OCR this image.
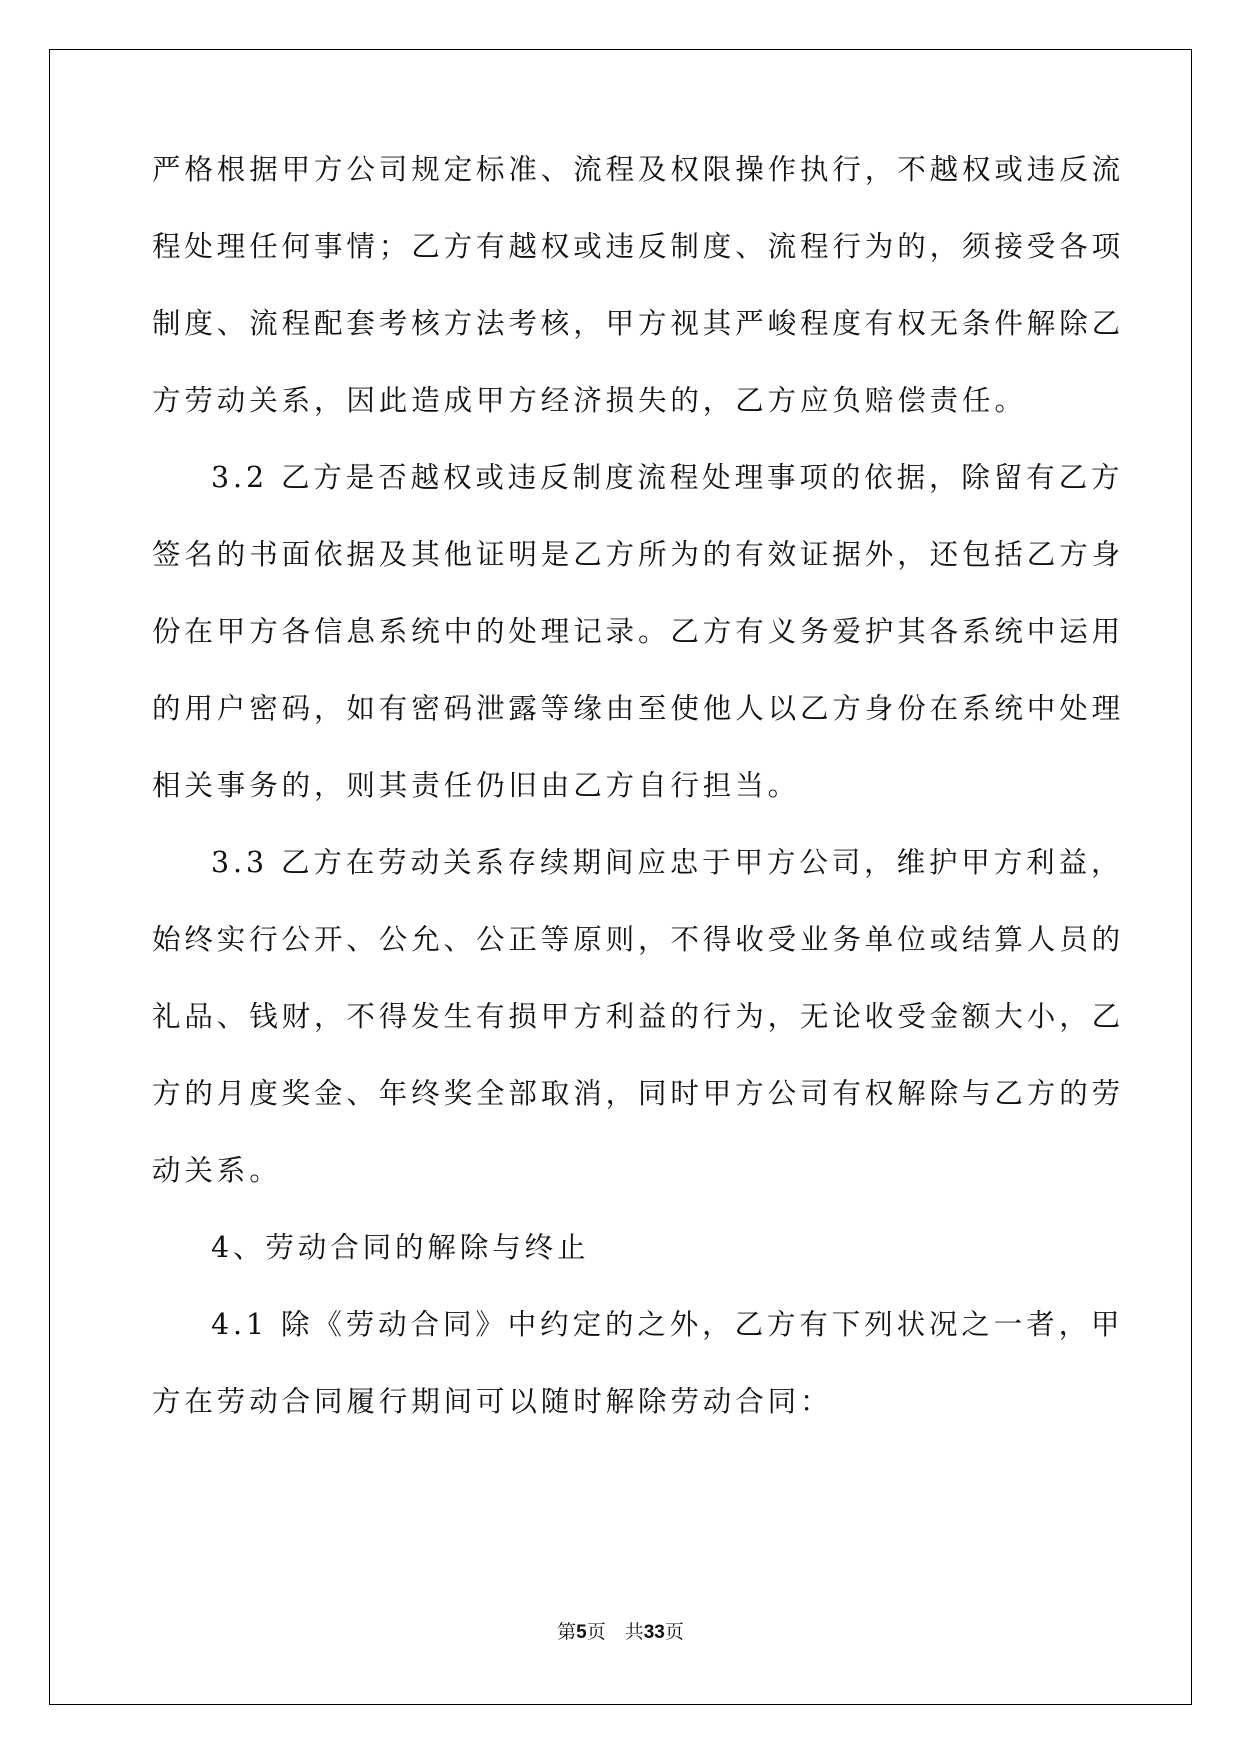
严格根据甲方公司规定标准、流程及权限操作执行，不越权或违反流
程处理任何事情；乙方有越权或违反制度、流程行为的，须接受各项
制度、流程配套考核方法考核，甲方视其严峻程度有权无条件解除乙
方劳动关系，因此造成甲方经济损失的，乙方应负赔偿责任。
3.2 乙方是否越权或违反制度流程处理事项的依据，除留有乙方
签名的书面依据及其他证明是乙方所为的有效证据外，还包括乙方身
份在甲方各信息系统中的处理记录。乙方有义务爱护其各系统中运用
的用户密码，如有密码泄露等缘由至使他人以乙方身份在系统中处理
相关事务的，则其责任仍旧由乙方自行担当。
3.3 乙方在劳动关系存续期间应忠于甲方公司，维护甲方利益，
始终实行公开、公允、公正等原则，不得收受业务单位或结算人员的
礼品、钱财，不得发生有损甲方利益的行为，无论收受金额大小，乙
方的月度奖金、年终奖全部取消，同时甲方公司有权解除与乙方的劳
动关系。
4、劳动合同的解除与终止
4.1 除《劳动合同》中约定的之外，乙方有下列状况之一者，甲
方在劳动合同履行期间可以随时解除劳动合同：
第5页　共33页
